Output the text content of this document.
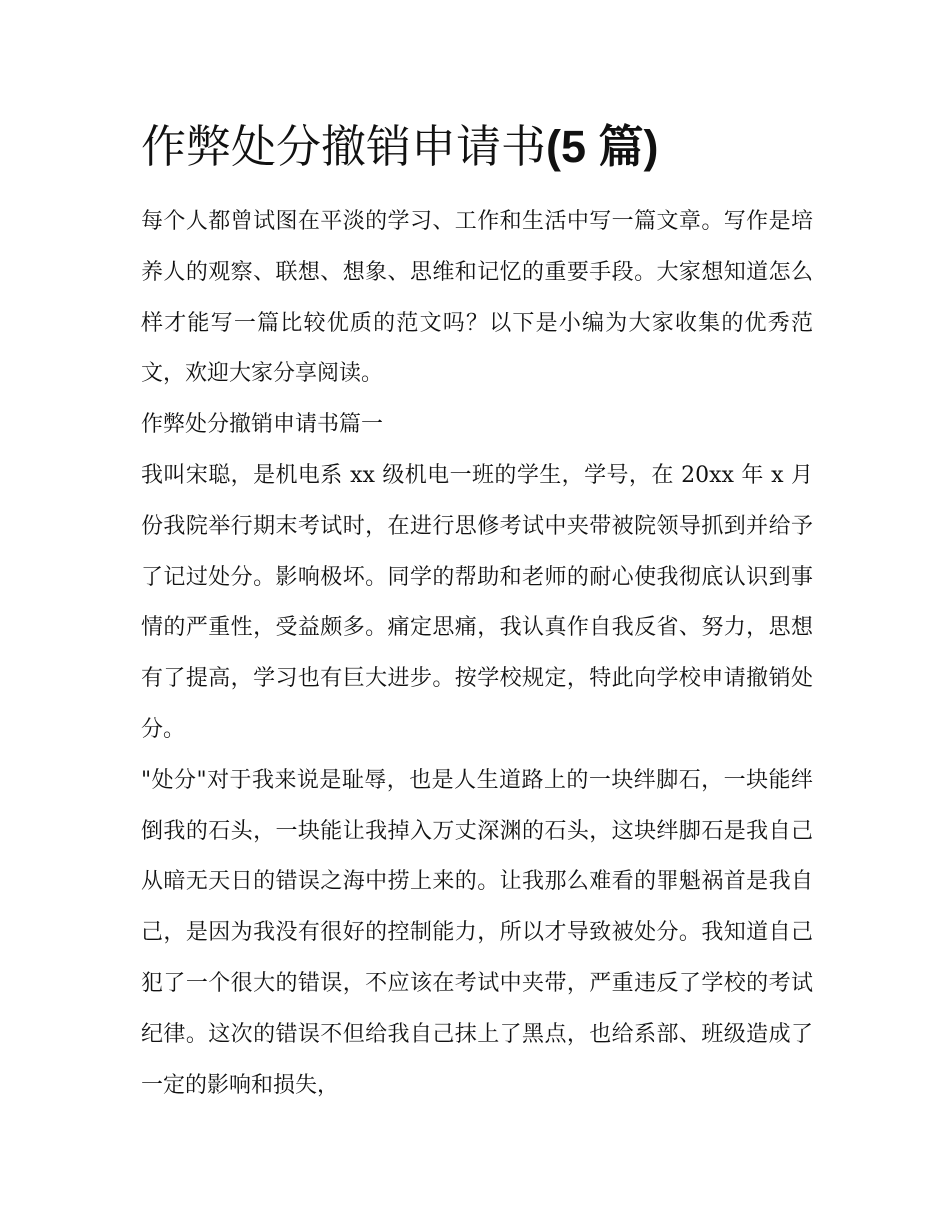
作弊处分撤销申请书(5 篇)

每个人都曾试图在平淡的学习、工作和生活中写一篇文章。写作是培养人的观察、联想、想象、思维和记忆的重要手段。大家想知道怎么样才能写一篇比较优质的范文吗？以下是小编为大家收集的优秀范文，欢迎大家分享阅读。

作弊处分撤销申请书篇一

我叫宋聪，是机电系 xx 级机电一班的学生，学号，在 20xx 年 x 月份我院举行期末考试时，在进行思修考试中夹带被院领导抓到并给予了记过处分。影响极坏。同学的帮助和老师的耐心使我彻底认识到事情的严重性，受益颇多。痛定思痛，我认真作自我反省、努力，思想有了提高，学习也有巨大进步。按学校规定，特此向学校申请撤销处分。

"处分"对于我来说是耻辱，也是人生道路上的一块绊脚石，一块能绊倒我的石头，一块能让我掉入万丈深渊的石头，这块绊脚石是我自己从暗无天日的错误之海中捞上来的。让我那么难看的罪魁祸首是我自己，是因为我没有很好的控制能力，所以才导致被处分。我知道自己犯了一个很大的错误，不应该在考试中夹带，严重违反了学校的考试纪律。这次的错误不但给我自己抹上了黑点，也给系部、班级造成了一定的影响和损失，
